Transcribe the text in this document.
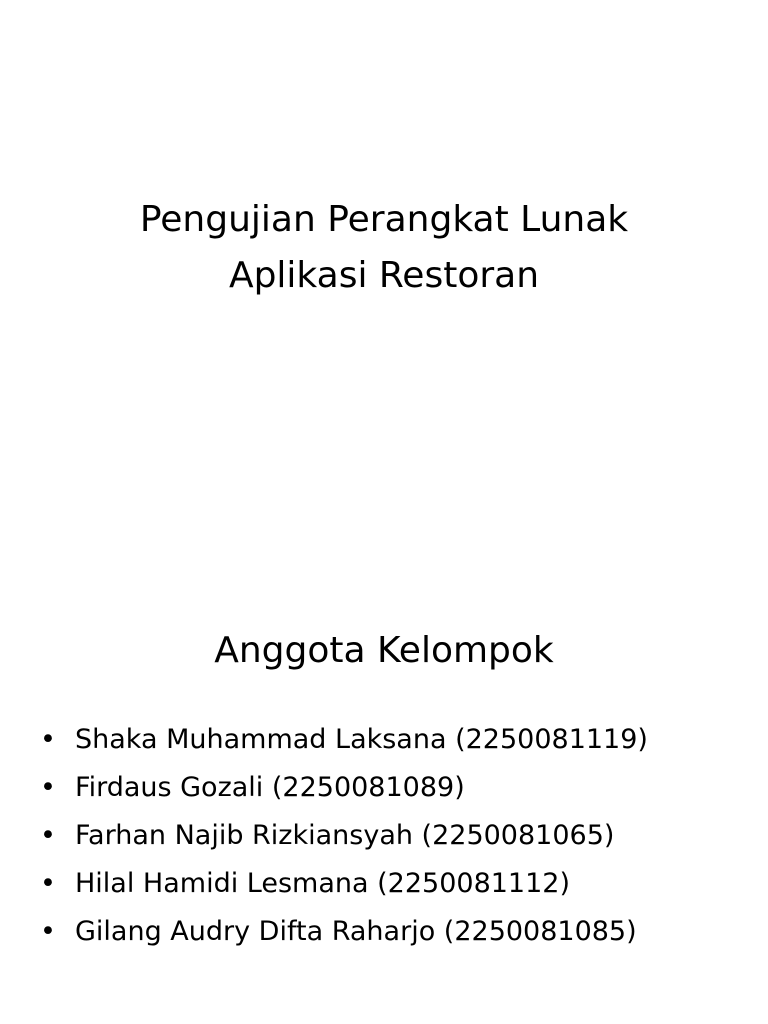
Pengujian Perangkat Lunak
Aplikasi Restoran
Anggota Kelompok
• Shaka Muhammad Laksana (2250081119)
• Firdaus Gozali (2250081089)
• Farhan Najib Rizkiansyah (2250081065)
• Hilal Hamidi Lesmana (2250081112)
• Gilang Audry Difta Raharjo (2250081085)
